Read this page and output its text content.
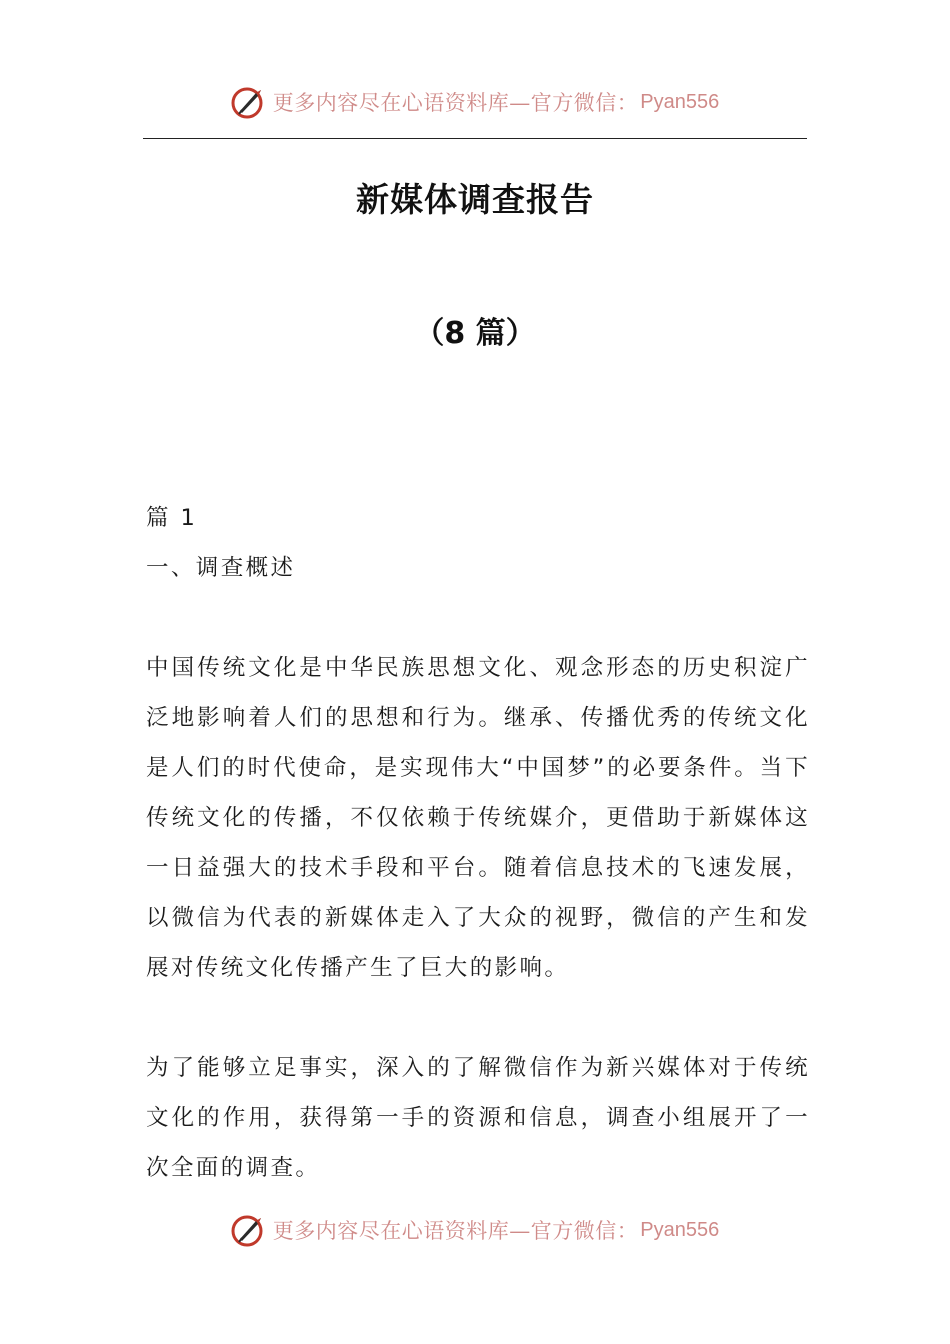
更多内容尽在心语资料库—官方微信： Pyan556
新媒体调查报告
（8 篇）
篇 1
一、调查概述
中国传统文化是中华民族思想文化、观念形态的历史积淀广泛地影响着人们的思想和行为。继承、传播优秀的传统文化是人们的时代使命，是实现伟大“中国梦”的必要条件。当下传统文化的传播，不仅依赖于传统媒介，更借助于新媒体这一日益强大的技术手段和平台。随着信息技术的飞速发展，以微信为代表的新媒体走入了大众的视野，微信的产生和发展对传统文化传播产生了巨大的影响。
为了能够立足事实，深入的了解微信作为新兴媒体对于传统文化的作用，获得第一手的资源和信息，调查小组展开了一次全面的调查。
更多内容尽在心语资料库—官方微信： Pyan556
